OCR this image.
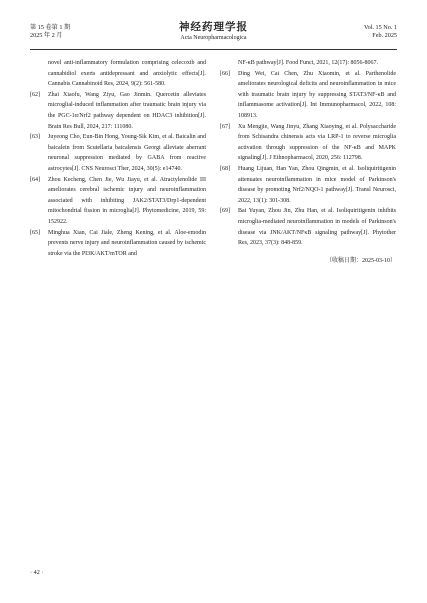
第 15 卷第 1 期
2025 年 2 月
神经药理学报
Acta Neuropharmacologica
Vol. 15 No. 1
Feb. 2025
novel anti-inflammatory formulation comprising celecoxib and cannabidiol exerts antidepressant and anxiolytic effects[J]. Cannabis Cannabinoid Res, 2024, 9(2): 561-580.
[62] Zhai Xiaofu, Wang Ziyu, Gao Jinmin. Quercetin alleviates microglial-induced inflammation after traumatic brain injury via the PGC-1α/Nrf2 pathway dependent on HDAC3 inhibition[J]. Brain Res Bull, 2024, 217: 111080.
[63] Juyeong Cho, Eun-Bin Hong, Young-Sik Kim, et al. Baicalin and baicalein from Scutellaria baicalensis Georgi alleviate aberrant neuronal suppression mediated by GABA from reactive astrocytes[J]. CNS Neurosci Ther, 2024, 30(5): e14740.
[64] Zhou Kecheng, Chen Jie, Wu Jiayu, et al. Atractylenolide III ameliorates cerebral ischemic injury and neuroinflammation associated with inhibiting JAK2/STAT3/Drp1-dependent mitochondrial fission in microglia[J]. Phytomedicine, 2019, 59: 152922.
[65] Minghua Xian, Cai Jiale, Zheng Kening, et al. Aloe-emodin prevents nerve injury and neuroinflammation caused by ischemic stroke via the PI3K/AKT/mTOR and
NF-κB pathway[J]. Food Funct, 2021, 12(17): 8056-8067.
[66] Ding Wei, Cai Chen, Zhu Xiaomin, et al. Parthenolide ameliorates neurological deficits and neuroinflammation in mice with traumatic brain injury by suppressing STAT3/NF-κB and inflammasome activation[J]. Int Immunopharmacol, 2022, 108: 108913.
[67] Xu Mengjie, Wang Jinyu, Zhang Xiaoying, et al. Polysaccharide from Schisandra chinensis acts via LRP-1 to reverse microglia activation through suppression of the NF-κB and MAPK signaling[J]. J Ethnopharmacol, 2020, 256: 112798.
[68] Huang Lijuan, Han Yan, Zhou Qingmin, et al. Isoliquiritigenin attenuates neuroinflammation in mice model of Parkinson's disease by promoting Nrf2/NQO-1 pathway[J]. Transl Neurosci, 2022, 13(1): 301-308.
[69] Bai Yuyan, Zhou Jin, Zhu Han, et al. Isoliquiritigenin inhibits microglia-mediated neuroinflammation in models of Parkinson's disease via JNK/AKT/NFκB signaling pathway[J]. Phytother Res, 2023, 37(3): 848-859.
（收稿日期：2025-03-10）
· 42 ·
